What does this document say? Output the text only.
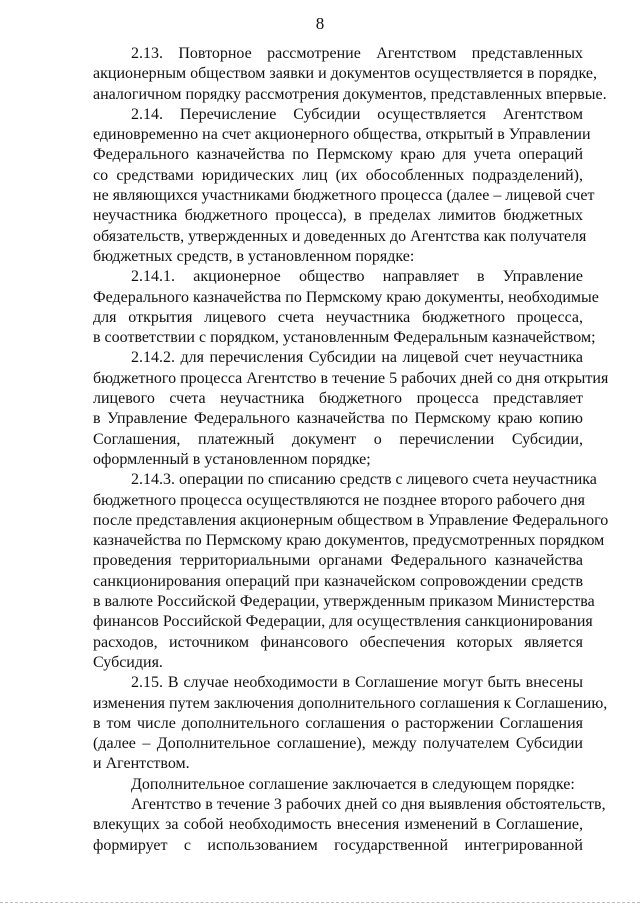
8
2.13. Повторное рассмотрение Агентством представленных
акционерным обществом заявки и документов осуществляется в порядке,
аналогичном порядку рассмотрения документов, представленных впервые.
2.14. Перечисление Субсидии осуществляется Агентством
единовременно на счет акционерного общества, открытый в Управлении
Федерального казначейства по Пермскому краю для учета операций
со средствами юридических лиц (их обособленных подразделений),
не являющихся участниками бюджетного процесса (далее – лицевой счет
неучастника бюджетного процесса), в пределах лимитов бюджетных
обязательств, утвержденных и доведенных до Агентства как получателя
бюджетных средств, в установленном порядке:
2.14.1. акционерное общество направляет в Управление
Федерального казначейства по Пермскому краю документы, необходимые
для открытия лицевого счета неучастника бюджетного процесса,
в соответствии с порядком, установленным Федеральным казначейством;
2.14.2. для перечисления Субсидии на лицевой счет неучастника
бюджетного процесса Агентство в течение 5 рабочих дней со дня открытия
лицевого счета неучастника бюджетного процесса представляет
в Управление Федерального казначейства по Пермскому краю копию
Соглашения, платежный документ о перечислении Субсидии,
оформленный в установленном порядке;
2.14.3. операции по списанию средств с лицевого счета неучастника
бюджетного процесса осуществляются не позднее второго рабочего дня
после представления акционерным обществом в Управление Федерального
казначейства по Пермскому краю документов, предусмотренных порядком
проведения территориальными органами Федерального казначейства
санкционирования операций при казначейском сопровождении средств
в валюте Российской Федерации, утвержденным приказом Министерства
финансов Российской Федерации, для осуществления санкционирования
расходов, источником финансового обеспечения которых является
Субсидия.
2.15. В случае необходимости в Соглашение могут быть внесены
изменения путем заключения дополнительного соглашения к Соглашению,
в том числе дополнительного соглашения о расторжении Соглашения
(далее – Дополнительное соглашение), между получателем Субсидии
и Агентством.
Дополнительное соглашение заключается в следующем порядке:
Агентство в течение 3 рабочих дней со дня выявления обстоятельств,
влекущих за собой необходимость внесения изменений в Соглашение,
формирует с использованием государственной интегрированной
